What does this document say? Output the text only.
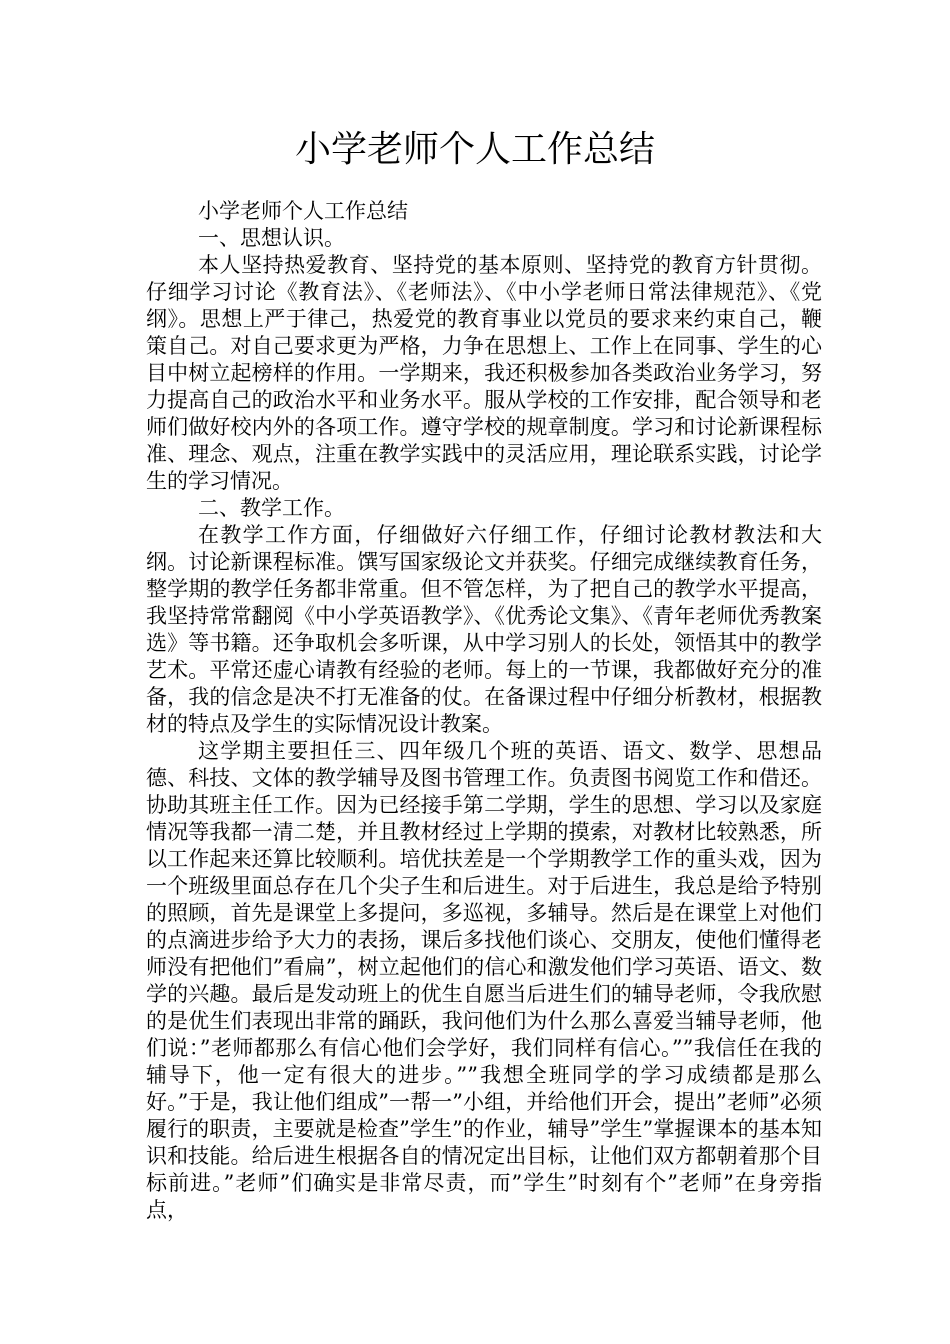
小学老师个人工作总结

小学老师个人工作总结

一、思想认识。

本人坚持热爱教育、坚持党的基本原则、坚持党的教育方针贯彻。仔细学习讨论《教育法》、《老师法》、《中小学老师日常法律规范》、《党纲》。思想上严于律己，热爱党的教育事业以党员的要求来约束自己，鞭策自己。对自己要求更为严格，力争在思想上、工作上在同事、学生的心目中树立起榜样的作用。一学期来，我还积极参加各类政治业务学习，努力提高自己的政治水平和业务水平。服从学校的工作安排，配合领导和老师们做好校内外的各项工作。遵守学校的规章制度。学习和讨论新课程标准、理念、观点，注重在教学实践中的灵活应用，理论联系实践，讨论学生的学习情况。

二、教学工作。

在教学工作方面，仔细做好六仔细工作，仔细讨论教材教法和大纲。讨论新课程标准。馔写国家级论文并获奖。仔细完成继续教育任务，整学期的教学任务都非常重。但不管怎样，为了把自己的教学水平提高，我坚持常常翻阅《中小学英语教学》、《优秀论文集》、《青年老师优秀教案选》等书籍。还争取机会多听课，从中学习别人的长处，领悟其中的教学艺术。平常还虚心请教有经验的老师。每上的一节课，我都做好充分的准备，我的信念是决不打无准备的仗。在备课过程中仔细分析教材，根据教材的特点及学生的实际情况设计教案。

这学期主要担任三、四年级几个班的英语、语文、数学、思想品德、科技、文体的教学辅导及图书管理工作。负责图书阅览工作和借还。协助其班主任工作。因为已经接手第二学期，学生的思想、学习以及家庭情况等我都一清二楚，并且教材经过上学期的摸索，对教材比较熟悉，所以工作起来还算比较顺利。培优扶差是一个学期教学工作的重头戏，因为一个班级里面总存在几个尖子生和后进生。对于后进生，我总是给予特别的照顾，首先是课堂上多提问，多巡视，多辅导。然后是在课堂上对他们的点滴进步给予大力的表扬，课后多找他们谈心、交朋友，使他们懂得老师没有把他们”看扁”，树立起他们的信心和激发他们学习英语、语文、数学的兴趣。最后是发动班上的优生自愿当后进生们的辅导老师，令我欣慰的是优生们表现出非常的踊跃，我问他们为什么那么喜爱当辅导老师，他们说：”老师都那么有信心他们会学好，我们同样有信心。””我信任在我的辅导下，他一定有很大的进步。””我想全班同学的学习成绩都是那么好。”于是，我让他们组成”一帮一”小组，并给他们开会，提出”老师”必须履行的职责，主要就是检查”学生”的作业，辅导”学生”掌握课本的基本知识和技能。给后进生根据各自的情况定出目标，让他们双方都朝着那个目标前进。”老师”们确实是非常尽责，而”学生”时刻有个”老师”在身旁指点，
